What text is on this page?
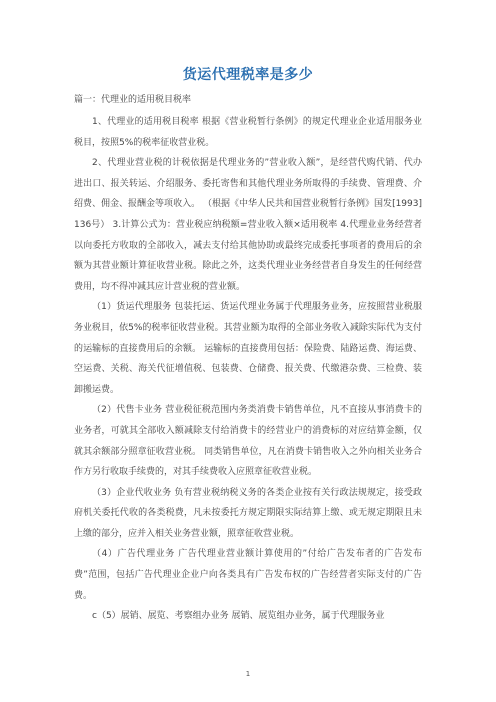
货运代理税率是多少
篇一：代理业的适用税目税率

1、代理业的适用税目税率 根据《营业税暂行条例》的规定代理业企业适用服务业税目，按照5%的税率征收营业税。

2、代理业营业税的计税依据是代理业务的”营业收入额”，是经营代购代销、代办进出口、报关转运、介绍服务、委托寄售和其他代理业务所取得的手续费、管理费、介绍费、佣金、报酬金等项收入。 （根据《中华人民共和国营业税暂行条例》国发[1993]136号） 3.计算公式为：营业税应纳税额=营业收入额×适用税率 4.代理业业务经营者以向委托方收取的全部收入，减去支付给其他协助或最终完成委托事项者的费用后的余额为其营业额计算征收营业税。除此之外，这类代理业业务经营者自身发生的任何经营费用，均不得冲减其应计营业税的营业额。

（1）货运代理服务 包装托运、货运代理业务属于代理服务业务，应按照营业税服务业税目，依5%的税率征收营业税。其营业额为取得的全部业务收入减除实际代为支付的运输标的直接费用后的余额。 运输标的直接费用包括：保险费、陆路运费、海运费、空运费、关税、海关代征增值税、包装费、仓储费、报关费、代缴港杂费、三检费、装卸搬运费。

（2）代售卡业务 营业税征税范围内务类消费卡销售单位，凡不直接从事消费卡的业务者，可就其全部收入额减除支付给消费卡的经营业户的消费标的对应结算金额，仅就其余额部分照章征收营业税。 同类销售单位，凡在消费卡销售收入之外向相关业务合作方另行收取手续费的，对其手续费收入应照章征收营业税。

（3）企业代收业务 负有营业税纳税义务的各类企业按有关行政法规规定，接受政府机关委托代收的各类税费，凡未按委托方规定期限实际结算上缴、或无规定期限且未上缴的部分，应并入相关业务营业额，照章征收营业税。

（4）广告代理业务 广告代理业营业额计算使用的”付给广告发布者的广告发布费”范围，包括广告代理业企业户向各类具有广告发布权的广告经营者实际支付的广告费。

c（5）展销、展览、考察组办业务 展销、展览组办业务，属于代理服务业

1
